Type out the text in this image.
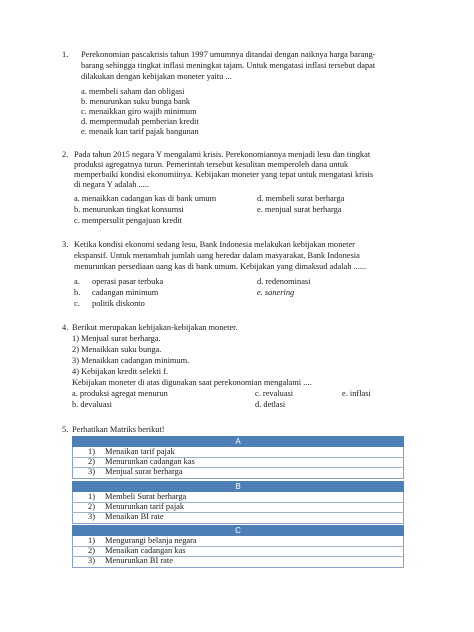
1. Perekonomian pascakrisis tahun 1997 umumnya ditandai dengan naiknya harga barang-
barang sehingga tingkat inflasi meningkat tajam. Untuk mengatasi inflasi tersebut dapat
dilakukan dengan kebijakan moneter yaitu ...
a. membeli saham dan obligasi
b. menurunkan suku bunga bank
c. menaikkan giro wajib minimum
d. mempermudah pemberian kredit
e. menaik kan tarif pajak bangunan
2. Pada tahun 2015 negara Y mengalami krisis. Perekonomiannya menjadi lesu dan tingkat
produksi agregatnya turun. Pemerintah tersebut kesulitan memperoleh dana untuk
memperbaiki kondisi ekonomiinya. Kebijakan moneter yang tepat untuk mengatasi krisis
di negara Y adalah .....
a. menaikkan cadangan kas di bank umum
b. menurunkan tingkat konsumsi
c. mempersulit pengajuan kredit
d. membeli surat berharga
e. menjual surat berharga
3. Ketika kondisi ekonomi sedang lesu, Bank Indonesia melakukan kebijakan moneter
ekspansif. Untuk menambah jumlah uang beredar dalam masyarakat, Bank Indonesia
menurunkan persediaan uang kas di bank umum. Kebijakan yang dimaksud adalah ......
a. operasi pasar terbuka
b. cadangan minimum
c. politik diskonto
d. redenominasi
e. sanering
4. Berikut merupakan kebijakan-kebijakan moneter.
1) Menjual surat berharga.
2) Menaikkan suku bunga.
3) Menaikkan cadangan minimum.
4) Kebijakan kredit selekti f.
Kebijakan moneter di atas digunakan saat perekonomian mengalami ....
a. produksi agregat menurun	c. revaluasi	e. inflasi
b. devaluasi	d. detlasi
5. Perhatikan Matriks berikut!
A
1) Menaikan tarif pajak
2) Menurunkan cadangan kas
3) Menjual surat berharga
B
1) Membeli Surat berharga
2) Menurunkan tarif pajak
3) Menaikan BI rate
C
1) Mengurangi belanja negara
2) Menaikan cadangan kas
3) Menurunkan BI rate
